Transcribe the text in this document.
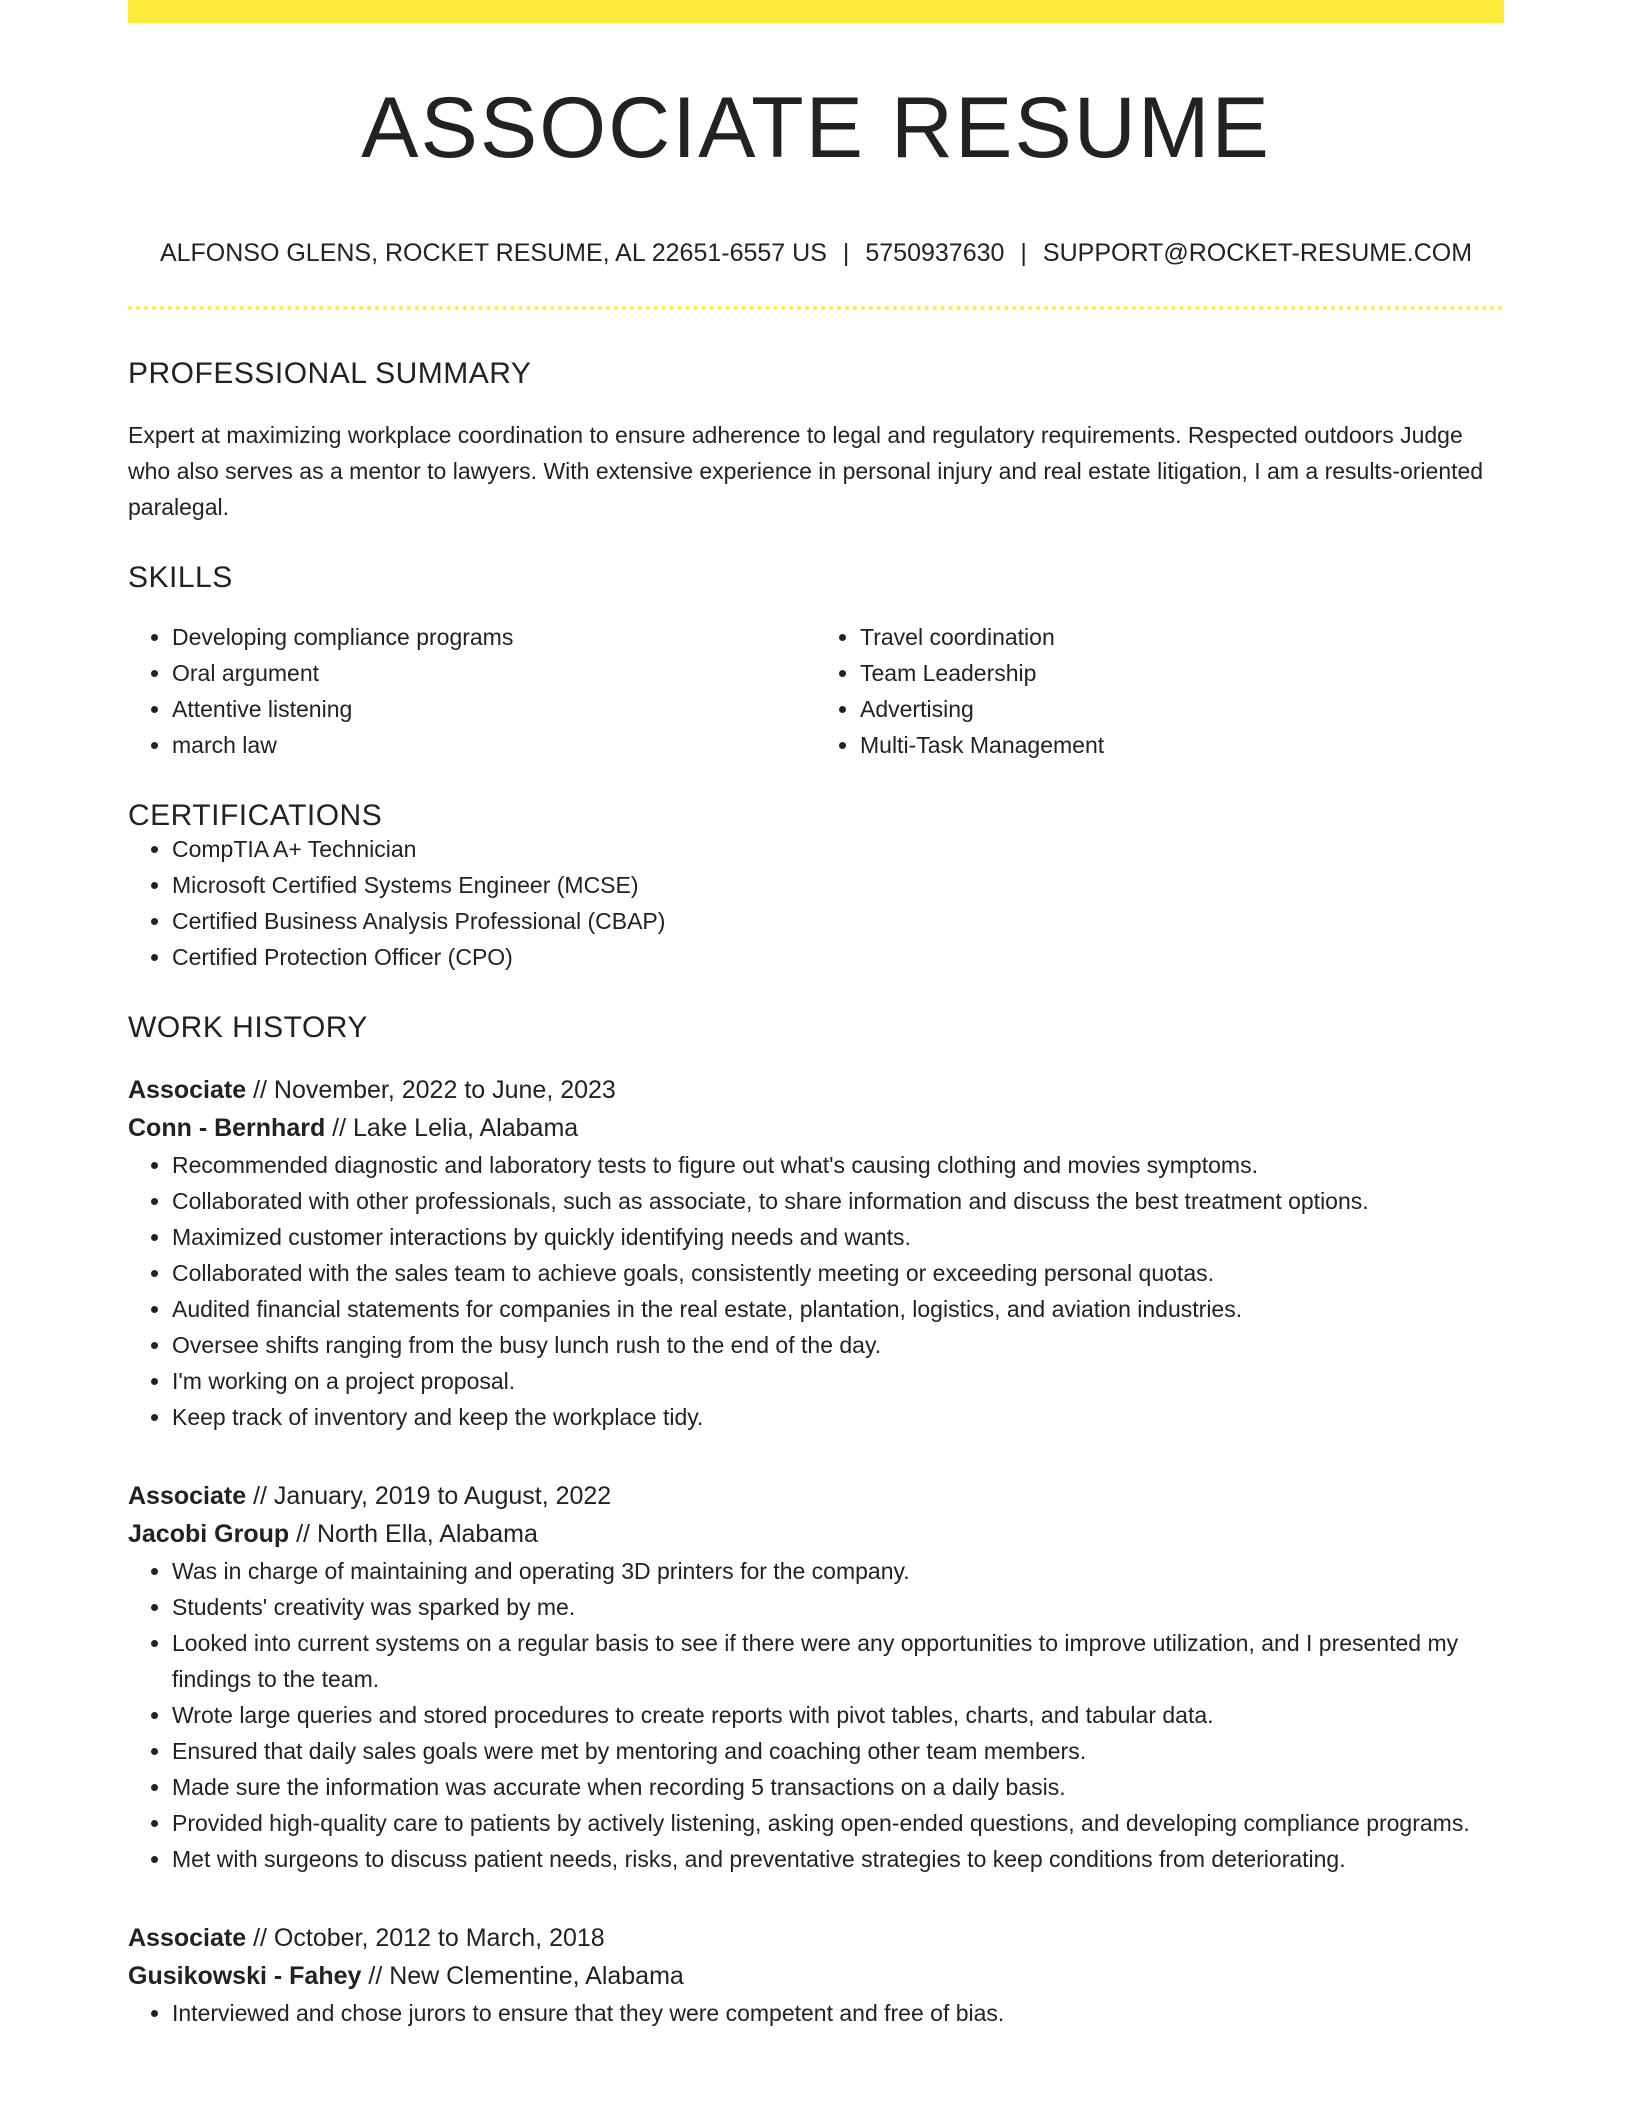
ASSOCIATE RESUME
ALFONSO GLENS, ROCKET RESUME, AL 22651-6557 US | 5750937630 | SUPPORT@ROCKET-RESUME.COM
PROFESSIONAL SUMMARY

Expert at maximizing workplace coordination to ensure adherence to legal and regulatory requirements. Respected outdoors Judge who also serves as a mentor to lawyers. With extensive experience in personal injury and real estate litigation, I am a results-oriented paralegal.

SKILLS
• Developing compliance programs
• Oral argument
• Attentive listening
• march law
• Travel coordination
• Team Leadership
• Advertising
• Multi-Task Management
CERTIFICATIONS
• CompTIA A+ Technician
• Microsoft Certified Systems Engineer (MCSE)
• Certified Business Analysis Professional (CBAP)
• Certified Protection Officer (CPO)
WORK HISTORY
Associate // November, 2022 to June, 2023
Conn - Bernhard // Lake Lelia, Alabama
• Recommended diagnostic and laboratory tests to figure out what's causing clothing and movies symptoms.
• Collaborated with other professionals, such as associate, to share information and discuss the best treatment options.
• Maximized customer interactions by quickly identifying needs and wants.
• Collaborated with the sales team to achieve goals, consistently meeting or exceeding personal quotas.
• Audited financial statements for companies in the real estate, plantation, logistics, and aviation industries.
• Oversee shifts ranging from the busy lunch rush to the end of the day.
• I'm working on a project proposal.
• Keep track of inventory and keep the workplace tidy.
Associate // January, 2019 to August, 2022
Jacobi Group // North Ella, Alabama
• Was in charge of maintaining and operating 3D printers for the company.
• Students' creativity was sparked by me.
• Looked into current systems on a regular basis to see if there were any opportunities to improve utilization, and I presented my findings to the team.
• Wrote large queries and stored procedures to create reports with pivot tables, charts, and tabular data.
• Ensured that daily sales goals were met by mentoring and coaching other team members.
• Made sure the information was accurate when recording 5 transactions on a daily basis.
• Provided high-quality care to patients by actively listening, asking open-ended questions, and developing compliance programs.
• Met with surgeons to discuss patient needs, risks, and preventative strategies to keep conditions from deteriorating.
Associate // October, 2012 to March, 2018
Gusikowski - Fahey // New Clementine, Alabama
• Interviewed and chose jurors to ensure that they were competent and free of bias.
